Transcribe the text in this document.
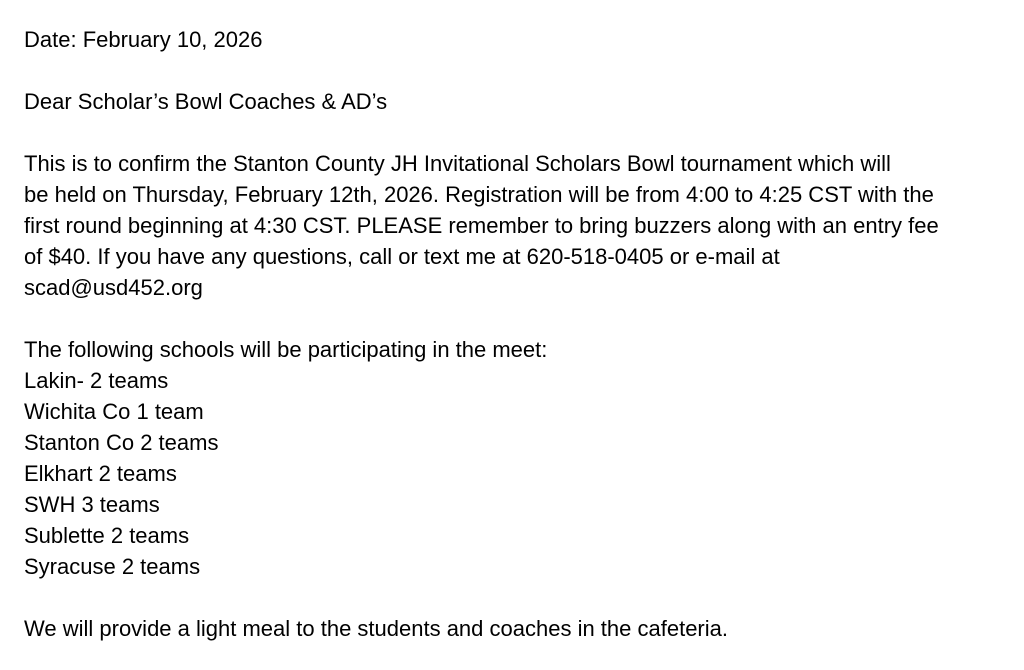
Date: February 10, 2026
Dear Scholar’s Bowl Coaches & AD’s
This is to confirm the Stanton County JH Invitational Scholars Bowl tournament which will
be held on Thursday, February 12th, 2026. Registration will be from 4:00 to 4:25 CST with the
first round beginning at 4:30 CST. PLEASE remember to bring buzzers along with an entry fee
of $40. If you have any questions, call or text me at 620-518-0405 or e-mail at
scad@usd452.org
The following schools will be participating in the meet:
Lakin- 2 teams
Wichita Co 1 team
Stanton Co 2 teams
Elkhart 2 teams
SWH 3 teams
Sublette 2 teams
Syracuse 2 teams
We will provide a light meal to the students and coaches in the cafeteria.
